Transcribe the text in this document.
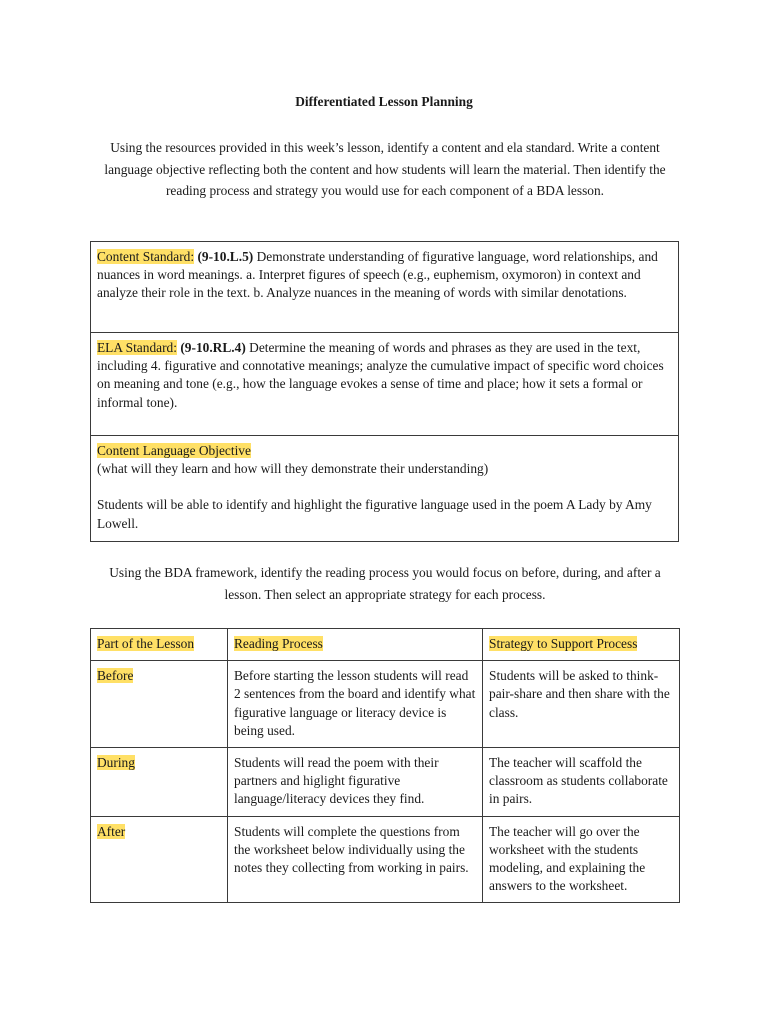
Differentiated Lesson Planning
Using the resources provided in this week’s lesson, identify a content and ela standard. Write a content language objective reflecting both the content and how students will learn the material. Then identify the reading process and strategy you would use for each component of a BDA lesson.
Content Standard: (9-10.L.5) Demonstrate understanding of figurative language, word relationships, and nuances in word meanings. a. Interpret figures of speech (e.g., euphemism, oxymoron) in context and analyze their role in the text. b. Analyze nuances in the meaning of words with similar denotations.
ELA Standard: (9-10.RL.4) Determine the meaning of words and phrases as they are used in the text, including 4. figurative and connotative meanings; analyze the cumulative impact of specific word choices on meaning and tone (e.g., how the language evokes a sense of time and place; how it sets a formal or informal tone).

Content Language Objective
(what will they learn and how will they demonstrate their understanding)
Students will be able to identify and highlight the figurative language used in the poem A Lady by Amy Lowell.
Using the BDA framework, identify the reading process you would focus on before, during, and after a lesson. Then select an appropriate strategy for each process.
Part of the Lesson	Reading Process	Strategy to Support Process
Before	Before starting the lesson students will read 2 sentences from the board and identify what figurative language or literacy device is being used.	Students will be asked to think-pair-share and then share with the class.
During	Students will read the poem with their partners and higlight figurative language/literacy devices they find.	The teacher will scaffold the classroom as students collaborate in pairs.
After	Students will complete the questions from the worksheet below individually using the notes they collecting from working in pairs.	The teacher will go over the worksheet with the students modeling, and explaining the answers to the worksheet.
